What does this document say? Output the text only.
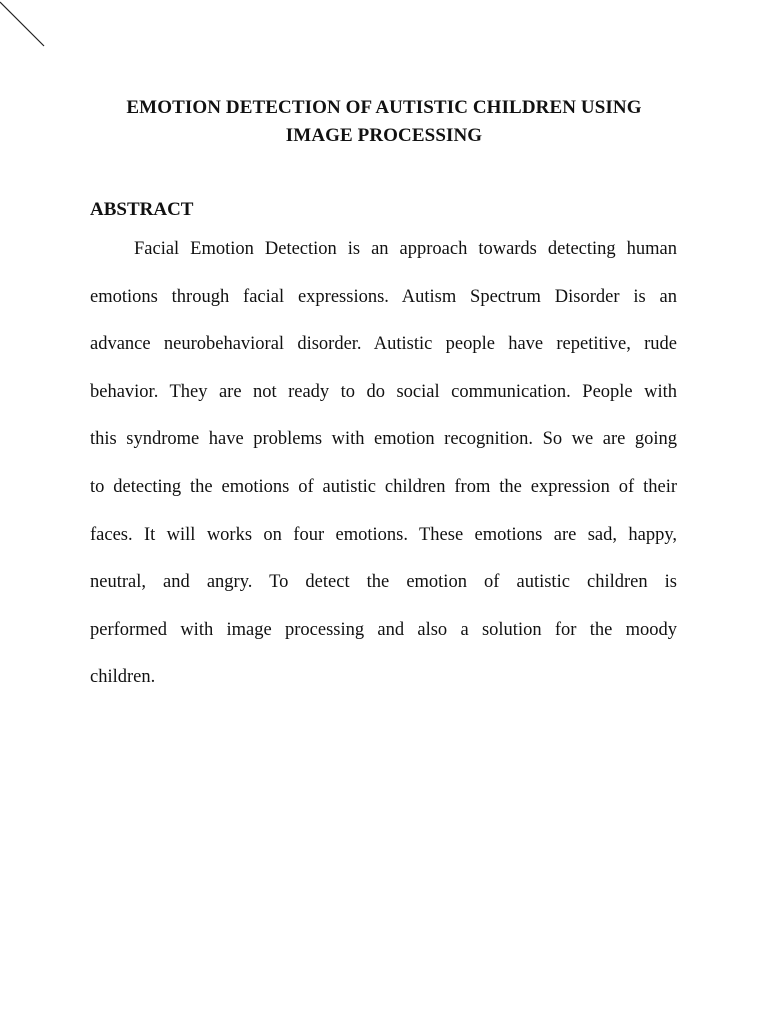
EMOTION DETECTION OF AUTISTIC CHILDREN USING
IMAGE PROCESSING
ABSTRACT
Facial Emotion Detection is an approach towards detecting human
emotions through facial expressions. Autism Spectrum Disorder is an
advance neurobehavioral disorder. Autistic people have repetitive, rude
behavior. They are not ready to do social communication. People with
this syndrome have problems with emotion recognition. So we are going
to detecting the emotions of autistic children from the expression of their
faces. It will works on four emotions. These emotions are sad, happy,
neutral, and angry. To detect the emotion of autistic children is
performed with image processing and also a solution for the moody
children.
